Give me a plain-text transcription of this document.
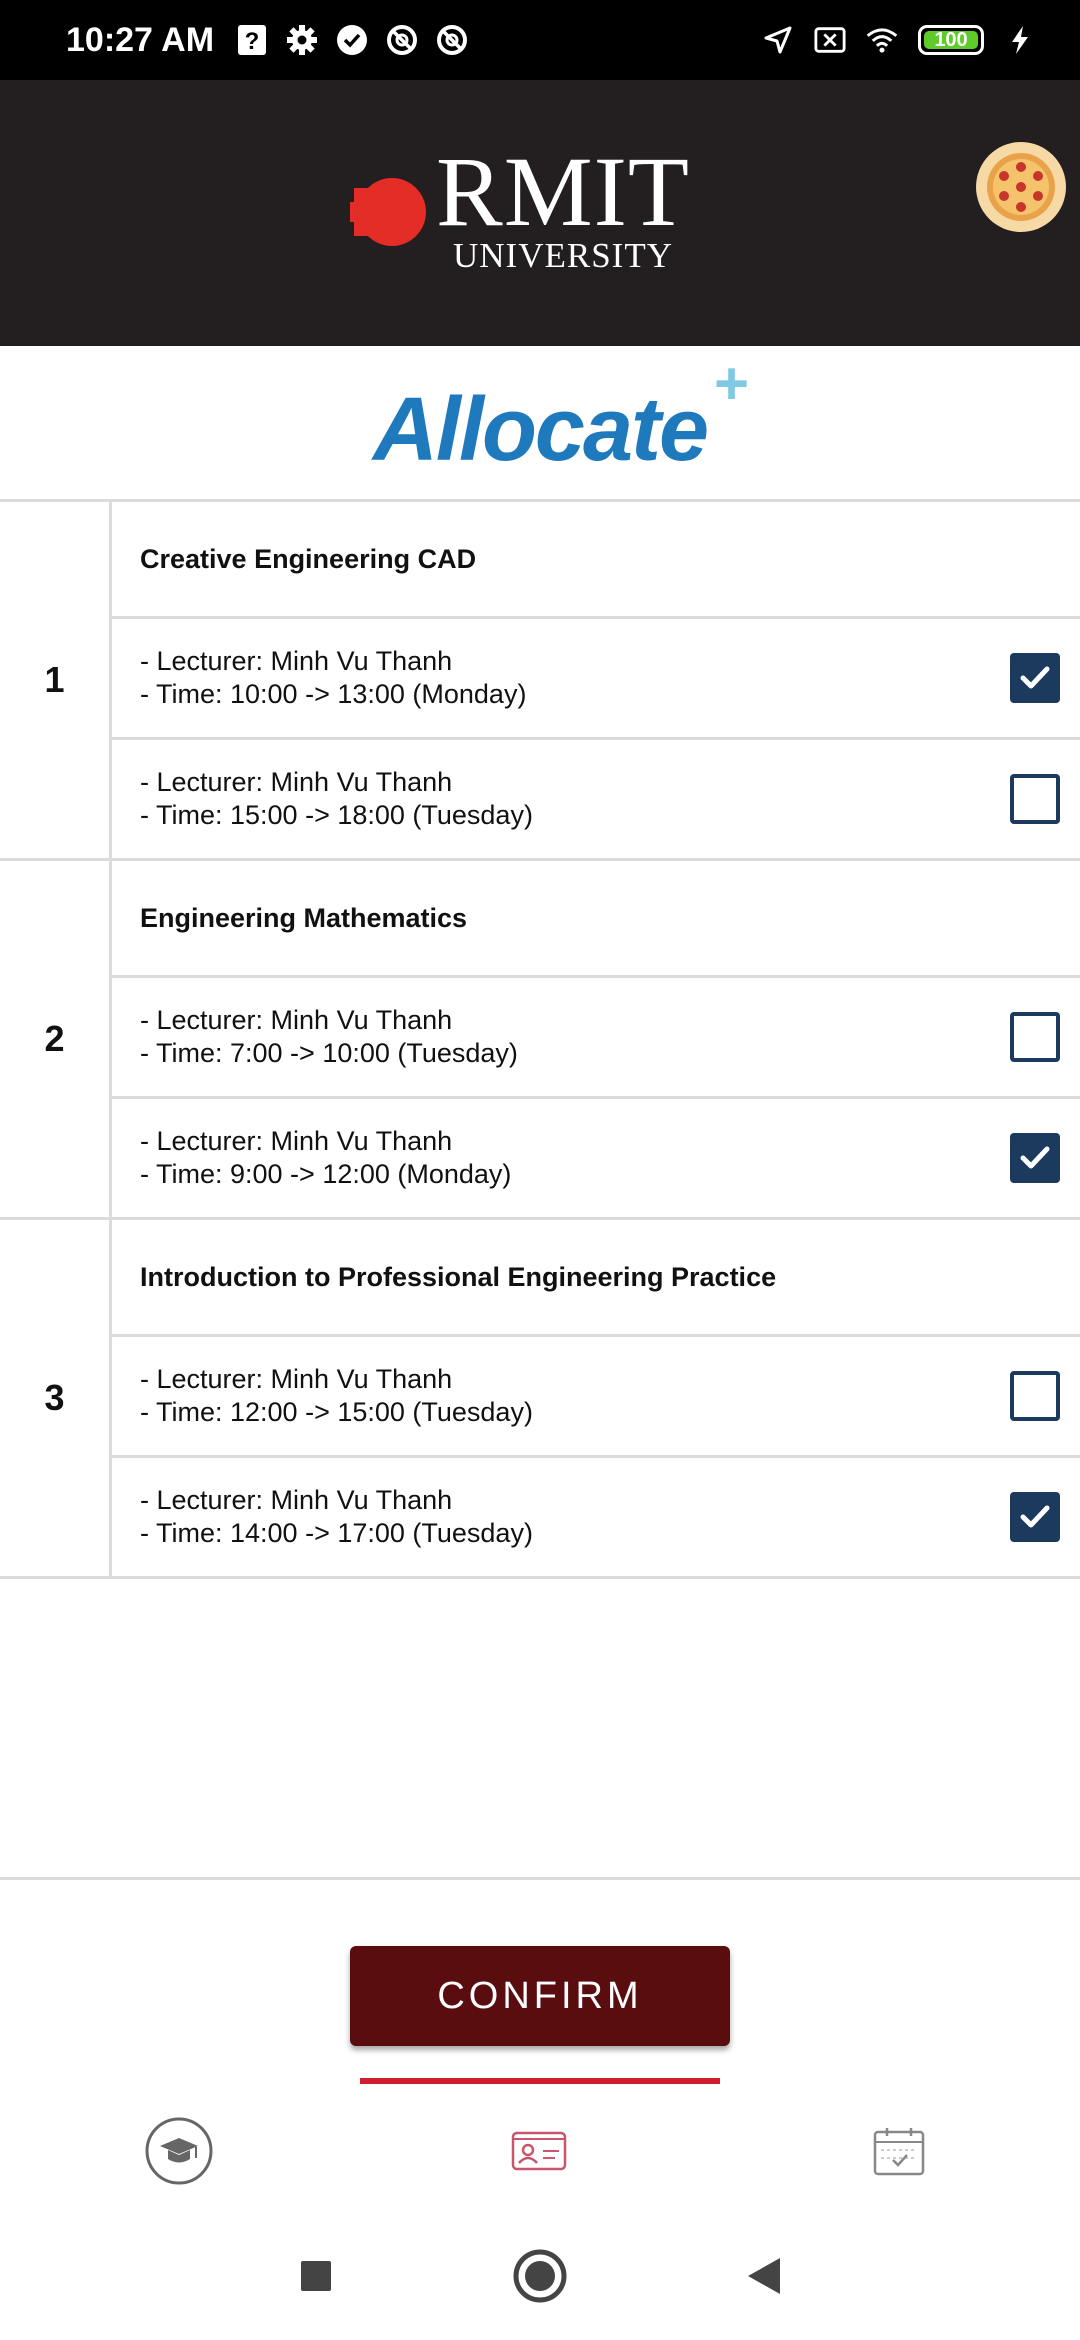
10:27 AM ?	100
RMIT
UNIVERSITY
Allocate +
1
Creative Engineering CAD
- Lecturer: Minh Vu Thanh
- Time: 10:00 -> 13:00 (Monday)
- Lecturer: Minh Vu Thanh
- Time: 15:00 -> 18:00 (Tuesday)
2
Engineering Mathematics
- Lecturer: Minh Vu Thanh
- Time: 7:00 -> 10:00 (Tuesday)
- Lecturer: Minh Vu Thanh
- Time: 9:00 -> 12:00 (Monday)
3
Introduction to Professional Engineering Practice
- Lecturer: Minh Vu Thanh
- Time: 12:00 -> 15:00 (Tuesday)
- Lecturer: Minh Vu Thanh
- Time: 14:00 -> 17:00 (Tuesday)
CONFIRM
